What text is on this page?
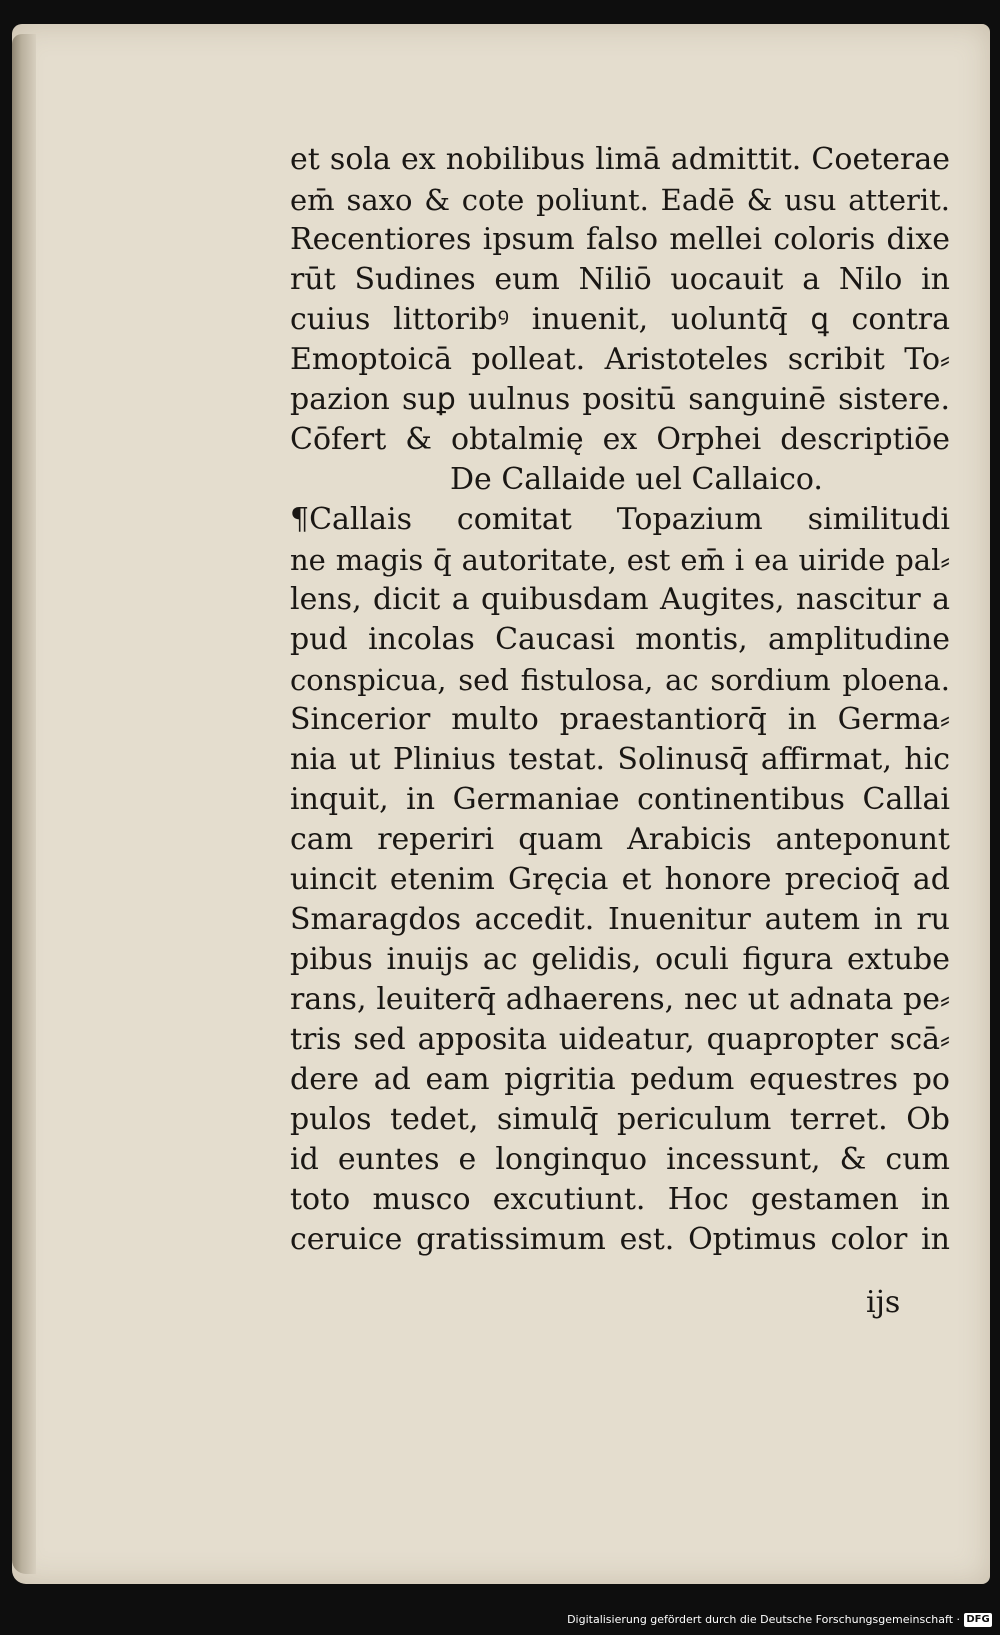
et sola ex nobilibus limā admittit. Coeterae
em̄ saxo & cote poliunt. Eadē & usu atterit.
Recentiores ipsum falso mellei coloris dixe
rūt Sudines eum Niliō uocauit a Nilo in
cuius littoribꝰ inuenit, uoluntq̄ ꝗ contra
Emoptoicā polleat. Aristoteles scribit To⸗
pazion suꝑ uulnus positū sanguinē sistere.
Cōfert & obtalmię ex Orphei descriptiōe
De Callaide uel Callaico.
¶Callais comitat Topazium similitudi
ne magis q̄ autoritate, est em̄ i ea uiride pal⸗
lens, dicit a quibusdam Augites, nascitur a
pud incolas Caucasi montis, amplitudine
conspicua, sed fistulosa, ac sordium ploena.
Sincerior multo praestantiorq̄ in Germa⸗
nia ut Plinius testat. Solinusq̄ affirmat, hic
inquit, in Germaniae continentibus Callai
cam reperiri quam Arabicis anteponunt
uincit etenim Gręcia et honore precioq̄ ad
Smaragdos accedit. Inuenitur autem in ru
pibus inuijs ac gelidis, oculi figura extube
rans, leuiterq̄ adhaerens, nec ut adnata pe⸗
tris sed apposita uideatur, quapropter scā⸗
dere ad eam pigritia pedum equestres po
pulos tedet, simulq̄ periculum terret. Ob
id euntes e longinquo incessunt, & cum
toto musco excutiunt. Hoc gestamen in
ceruice gratissimum est. Optimus color in
ijs
Digitalisierung gefördert durch die Deutsche Forschungsgemeinschaft · DFG
